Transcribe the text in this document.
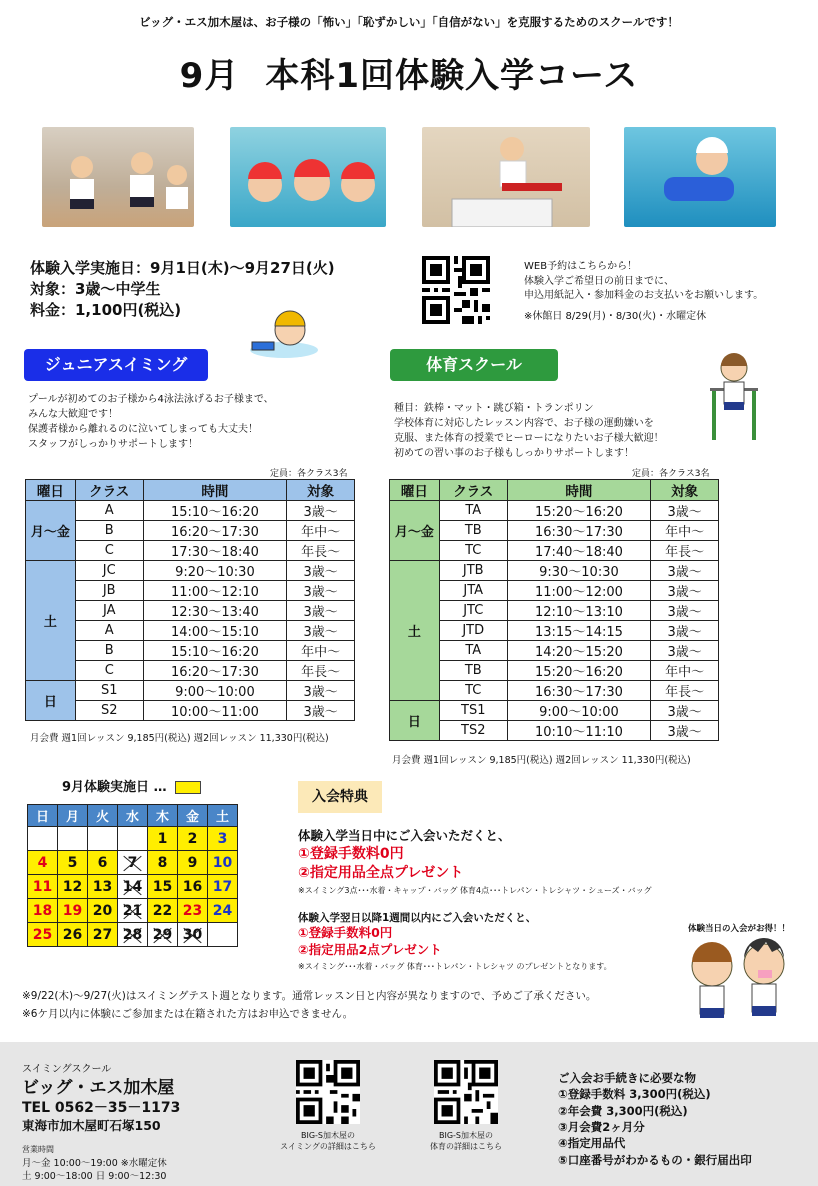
ビッグ・エス加木屋は、お子様の「怖い」「恥ずかしい」「自信がない」を克服するためのスクールです！
9月 本科1回体験入学コース
体験入学実施日：9月1日(木)～9月27日(火)
対象：3歳～中学生
料金：1,100円(税込)
WEB予約はこちらから！
体験入学ご希望日の前日までに、
申込用紙記入・参加料金のお支払いをお願いします。
※休館日 8/29(月)・8/30(火)・水曜定休
ジュニアスイミング
プールが初めてのお子様から4泳法泳げるお子様まで、
みんな大歓迎です！
保護者様から離れるのに泣いてしまっても大丈夫！
スタッフがしっかりサポートします！
定員：各クラス3名
曜日	クラス	時間	対象
月～金	A	15:10～16:20	3歳～
	B	16:20～17:30	年中～
	C	17:30～18:40	年長～
土	JC	9:20～10:30	3歳～
	JB	11:00～12:10	3歳～
	JA	12:30～13:40	3歳～
	A	14:00～15:10	3歳～
	B	15:10～16:20	年中～
	C	16:20～17:30	年長～
日	S1	9:00～10:00	3歳～
	S2	10:00～11:00	3歳～
月会費 週1回レッスン 9,185円(税込) 週2回レッスン 11,330円(税込)
体育スクール
種目：鉄棒・マット・跳び箱・トランポリン
学校体育に対応したレッスン内容で、お子様の運動嫌いを
克服、また体育の授業でヒーローになりたいお子様大歓迎！
初めての習い事のお子様もしっかりサポートします！
定員：各クラス3名
曜日	クラス	時間	対象
月～金	TA	15:20～16:20	3歳～
	TB	16:30～17:30	年中～
	TC	17:40～18:40	年長～
土	JTB	9:30～10:30	3歳～
	JTA	11:00～12:00	3歳～
	JTC	12:10～13:10	3歳～
	JTD	13:15～14:15	3歳～
	TA	14:20～15:20	3歳～
	TB	15:20～16:20	年中～
	TC	16:30～17:30	年長～
日	TS1	9:00～10:00	3歳～
	TS2	10:10～11:10	3歳～
月会費 週1回レッスン 9,185円(税込) 週2回レッスン 11,330円(税込)
9月体験実施日 …
日	月	火	水	木	金	土
				1	2	3
4	5	6	7	8	9	10
11	12	13	14	15	16	17
18	19	20	21	22	23	24
25	26	27	28	29	30	
入会特典
体験入学当日中にご入会いただくと、
①登録手数料0円
②指定用品全点プレゼント
※スイミング3点･･･水着・キャップ・バッグ 体育4点･･･トレパン・トレシャツ・シューズ・バッグ
体験入学翌日以降1週間以内にご入会いただくと、
①登録手数料0円
②指定用品2点プレゼント
※スイミング･･･水着・バッグ 体育･･･トレパン・トレシャツ のプレゼントとなります。
体験当日の入会がお得！！
※9/22(木)～9/27(火)はスイミングテスト週となります。通常レッスン日と内容が異なりますので、予めご了承ください。
※6ケ月以内に体験にご参加または在籍された方はお申込できません。
スイミングスクール
ビッグ・エス加木屋
TEL 0562－35－1173
東海市加木屋町石塚150
営業時間
月～金 10:00～19:00 ※水曜定休
土 9:00～18:00 日 9:00～12:30
BIG-S加木屋の
スイミングの詳細はこちら
BIG-S加木屋の
体育の詳細はこちら
ご入会お手続きに必要な物
①登録手数料 3,300円(税込)
②年会費 3,300円(税込)
③月会費2ヶ月分
④指定用品代
⑤口座番号がわかるもの・銀行届出印
